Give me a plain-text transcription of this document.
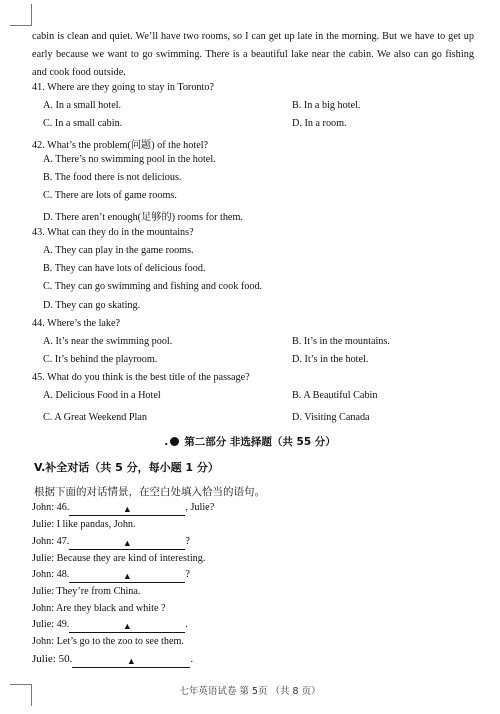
cabin is clean and quiet. We’ll have two rooms, so I can get up late in the morning. But we have to get up early because we want to go swimming. There is a beautiful lake near the cabin. We also can go fishing and cook food outside.
41. Where are they going to stay in Toronto?
A. In a small hotel.	B. In a big hotel.
C. In a small cabin.	D. In a room.
42. What’s the problem(问题) of the hotel?
A. There’s no swimming pool in the hotel.
B. The food there is not delicious.
C. There are lots of game rooms.
D. There aren’t enough(足够的) rooms for them.
43. What can they do in the mountains?
A. They can play in the game rooms.
B. They can have lots of delicious food.
C. They can go swimming and fishing and cook food.
D. They can go skating.
44. Where’s the lake?
A. It’s near the swimming pool.	B. It’s in the mountains.
C. It’s behind the playroom.	D. It’s in the hotel.
45. What do you think is the best title of the passage?
A. Delicious Food in a Hotel	B. A Beautiful Cabin
C. A Great Weekend Plan	D. Visiting Canada
. 第二部分 非选择题（共 55 分）
V.补全对话（共 5 分，每小题 1 分）
根据下面的对话情景，在空白处填入恰当的语句。
John: 46.	▲	, Julie?
Julie: I like pandas, John.
John: 47.	▲	?
Julie: Because they are kind of interesting.
John: 48.	▲	?
Julie: They’re from China.
John: Are they black and white ?
Julie: 49.	▲	.
John: Let’s go to the zoo to see them.
Julie: 50.	▲	.
七年英语试卷 第 5页 （共 8 页）
